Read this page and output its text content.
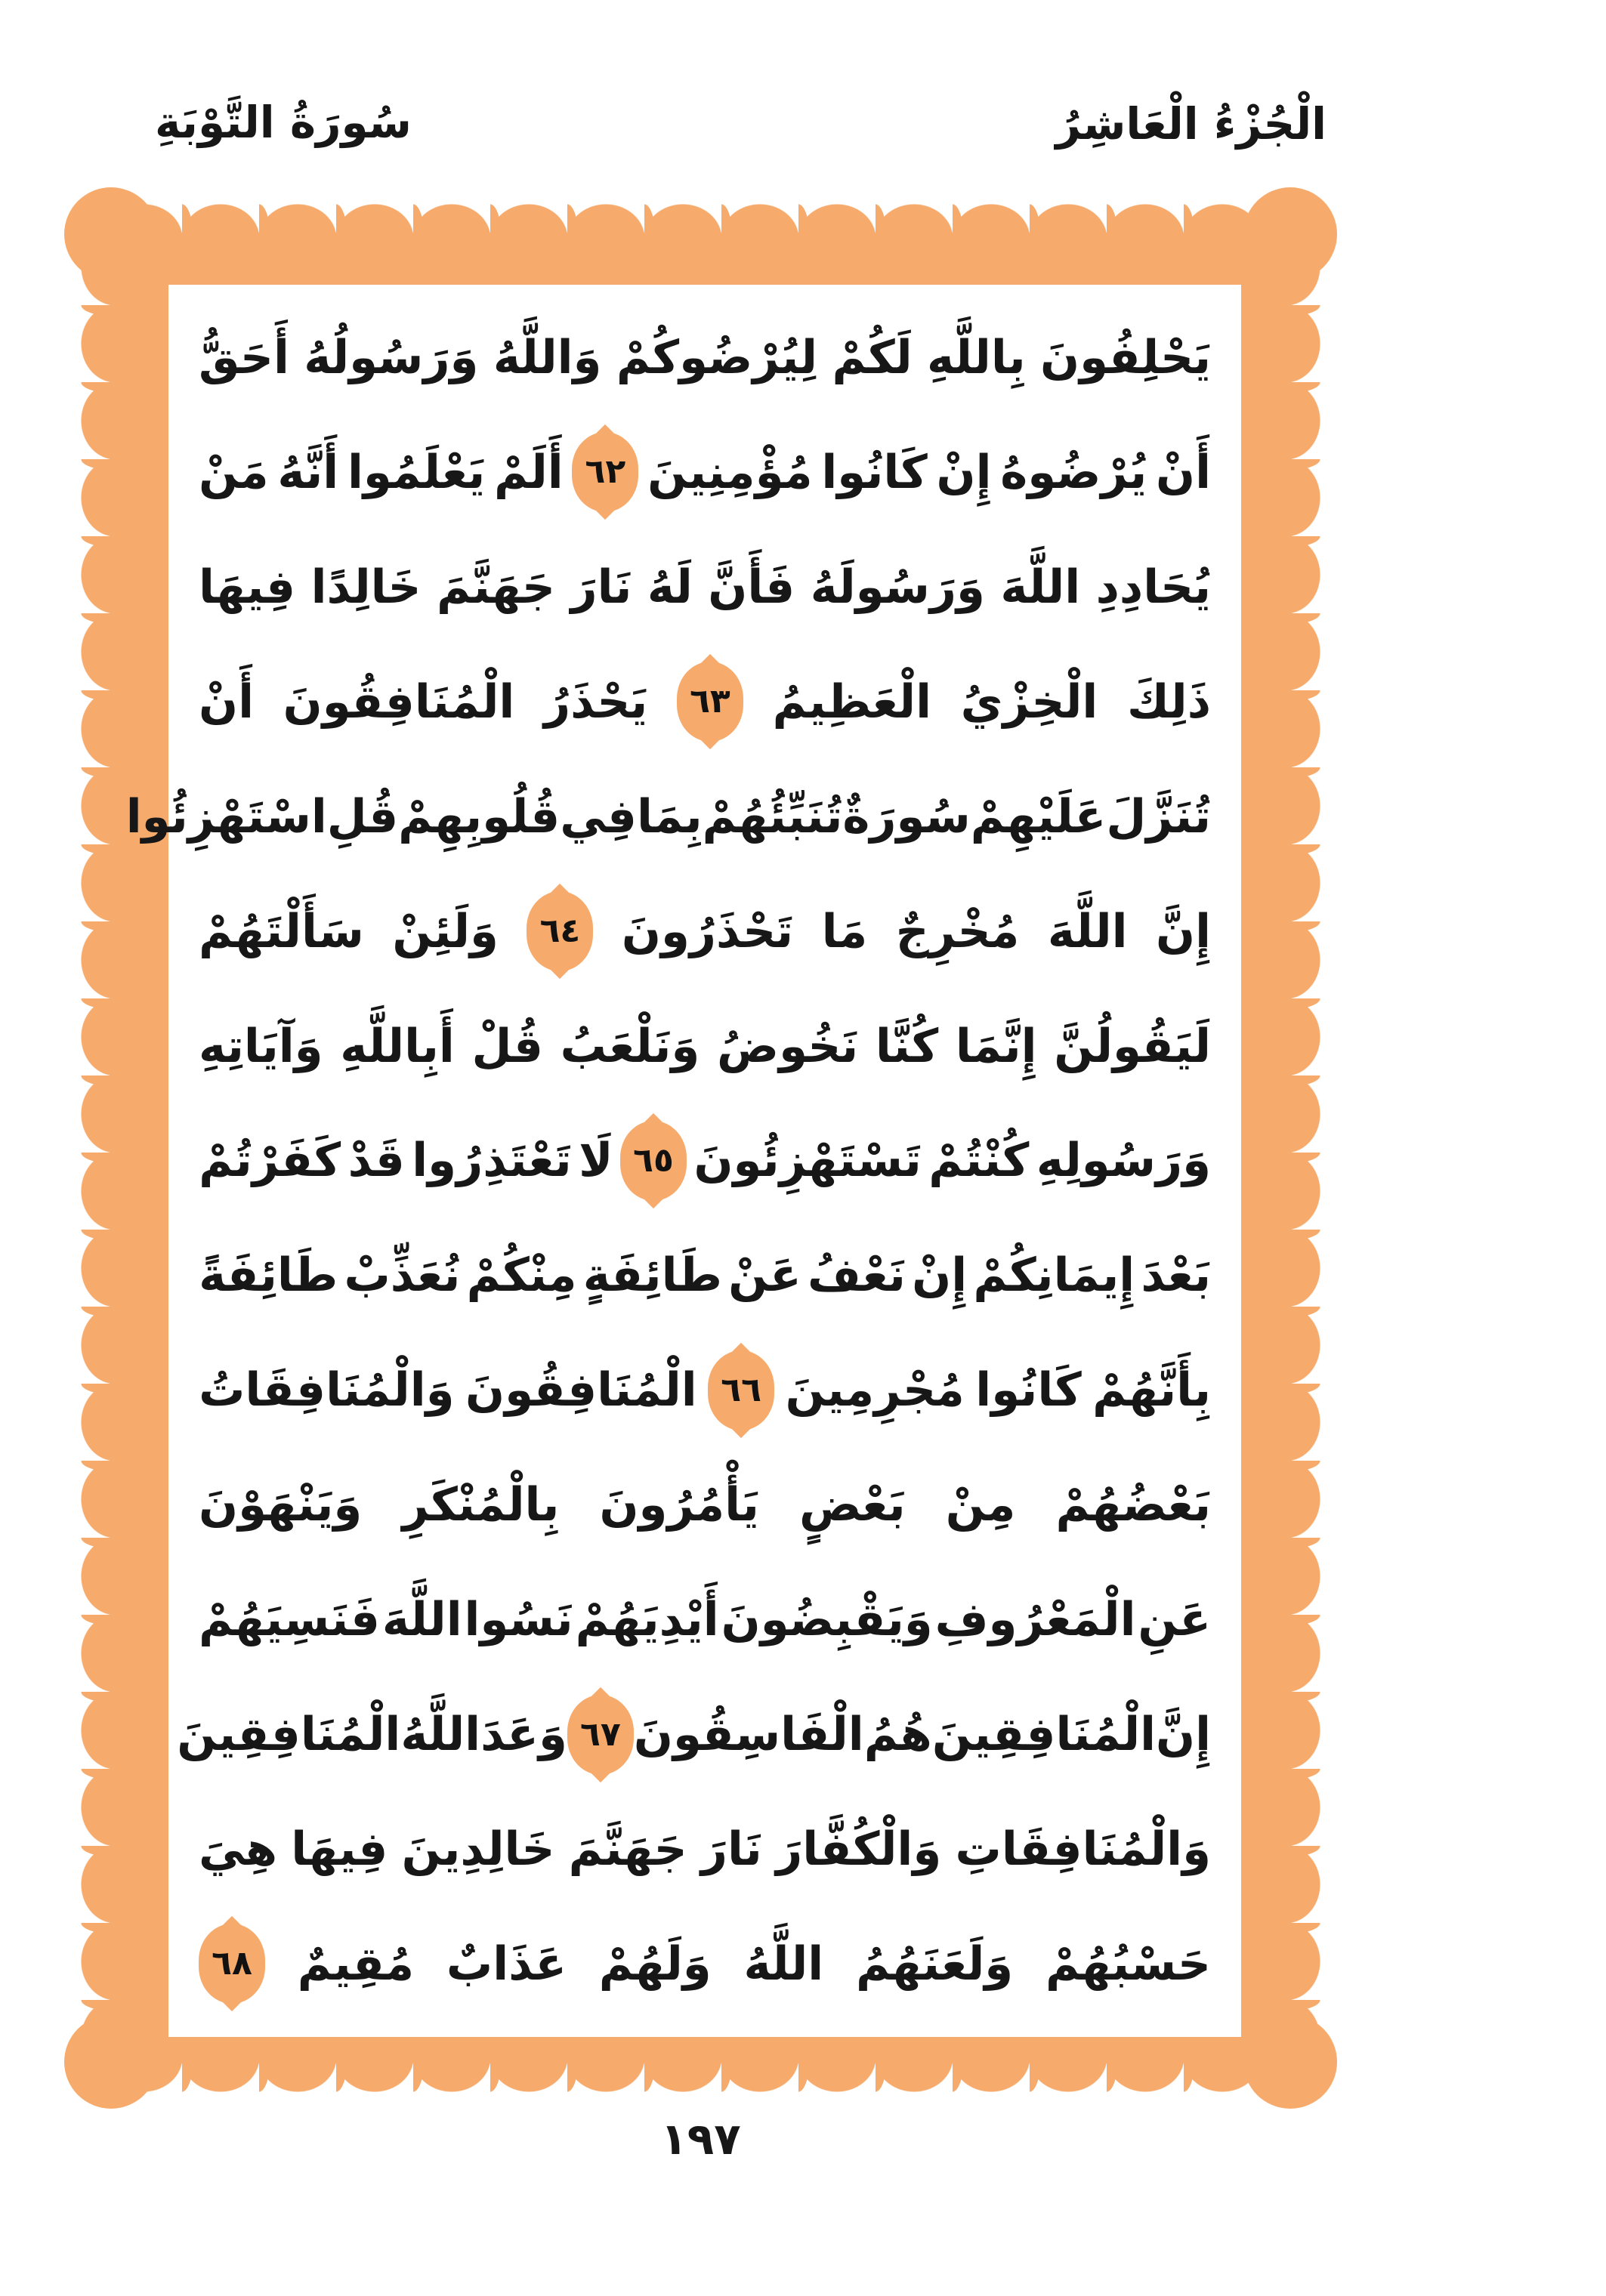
سُورَةُ التَّوْبَةِ	الْجُزْءُ الْعَاشِرُ
يَحْلِفُونَ
بِاللَّهِ
لَكُمْ
لِيُرْضُوكُمْ
وَاللَّهُ
وَرَسُولُهُ
أَحَقُّ
أَنْ
يُرْضُوهُ
إِنْ
كَانُوا
مُؤْمِنِينَ
٦٢
أَلَمْ
يَعْلَمُوا
أَنَّهُ
مَنْ
يُحَادِدِ
اللَّهَ
وَرَسُولَهُ
فَأَنَّ
لَهُ
نَارَ
جَهَنَّمَ
خَالِدًا
فِيهَا
ذَلِكَ
الْخِزْيُ
الْعَظِيمُ
٦٣
يَحْذَرُ
الْمُنَافِقُونَ
أَنْ
تُنَزَّلَ
عَلَيْهِمْ
سُورَةٌ
تُنَبِّئُهُمْ
بِمَا
فِي
قُلُوبِهِمْ
قُلِ
اسْتَهْزِئُوا
إِنَّ
اللَّهَ
مُخْرِجٌ
مَا
تَحْذَرُونَ
٦٤
وَلَئِنْ
سَأَلْتَهُمْ
لَيَقُولُنَّ
إِنَّمَا
كُنَّا
نَخُوضُ
وَنَلْعَبُ
قُلْ
أَبِاللَّهِ
وَآيَاتِهِ
وَرَسُولِهِ
كُنْتُمْ
تَسْتَهْزِئُونَ
٦٥
لَا
تَعْتَذِرُوا
قَدْ
كَفَرْتُمْ
بَعْدَ
إِيمَانِكُمْ
إِنْ
نَعْفُ
عَنْ
طَائِفَةٍ
مِنْكُمْ
نُعَذِّبْ
طَائِفَةً
بِأَنَّهُمْ
كَانُوا
مُجْرِمِينَ
٦٦
الْمُنَافِقُونَ
وَالْمُنَافِقَاتُ
بَعْضُهُمْ
مِنْ
بَعْضٍ
يَأْمُرُونَ
بِالْمُنْكَرِ
وَيَنْهَوْنَ
عَنِ
الْمَعْرُوفِ
وَيَقْبِضُونَ
أَيْدِيَهُمْ
نَسُوا
اللَّهَ
فَنَسِيَهُمْ
إِنَّ
الْمُنَافِقِينَ
هُمُ
الْفَاسِقُونَ
٦٧
وَعَدَ
اللَّهُ
الْمُنَافِقِينَ
وَالْمُنَافِقَاتِ
وَالْكُفَّارَ
نَارَ
جَهَنَّمَ
خَالِدِينَ
فِيهَا
هِيَ
حَسْبُهُمْ
وَلَعَنَهُمُ
اللَّهُ
وَلَهُمْ
عَذَابٌ
مُقِيمٌ
٦٨
١٩٧
